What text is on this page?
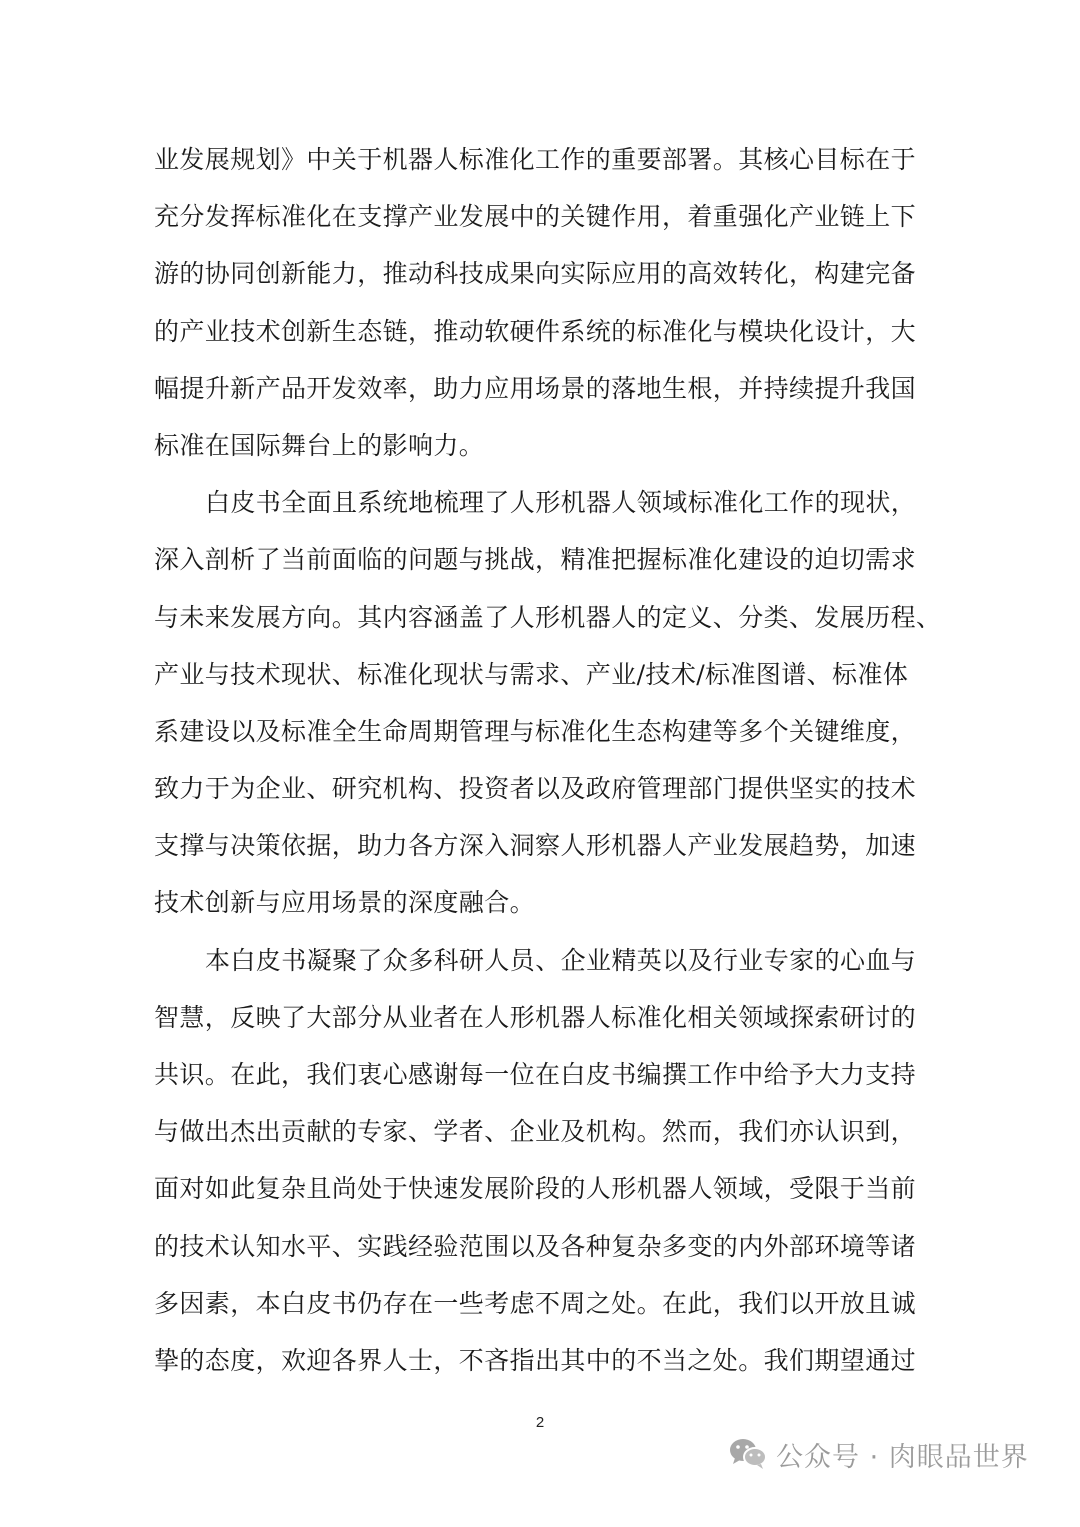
业发展规划》中关于机器人标准化工作的重要部署。其核心目标在于
充分发挥标准化在支撑产业发展中的关键作用，着重强化产业链上下
游的协同创新能力，推动科技成果向实际应用的高效转化，构建完备
的产业技术创新生态链，推动软硬件系统的标准化与模块化设计，大
幅提升新产品开发效率，助力应用场景的落地生根，并持续提升我国
标准在国际舞台上的影响力。
白皮书全面且系统地梳理了人形机器人领域标准化工作的现状，
深入剖析了当前面临的问题与挑战，精准把握标准化建设的迫切需求
与未来发展方向。其内容涵盖了人形机器人的定义、分类、发展历程、
产业与技术现状、标准化现状与需求、产业/技术/标准图谱、标准体
系建设以及标准全生命周期管理与标准化生态构建等多个关键维度，
致力于为企业、研究机构、投资者以及政府管理部门提供坚实的技术
支撑与决策依据，助力各方深入洞察人形机器人产业发展趋势，加速
技术创新与应用场景的深度融合。
本白皮书凝聚了众多科研人员、企业精英以及行业专家的心血与
智慧，反映了大部分从业者在人形机器人标准化相关领域探索研讨的
共识。在此，我们衷心感谢每一位在白皮书编撰工作中给予大力支持
与做出杰出贡献的专家、学者、企业及机构。然而，我们亦认识到，
面对如此复杂且尚处于快速发展阶段的人形机器人领域，受限于当前
的技术认知水平、实践经验范围以及各种复杂多变的内外部环境等诸
多因素，本白皮书仍存在一些考虑不周之处。在此，我们以开放且诚
挚的态度，欢迎各界人士，不吝指出其中的不当之处。我们期望通过
2
公众号 · 肉眼品世界
